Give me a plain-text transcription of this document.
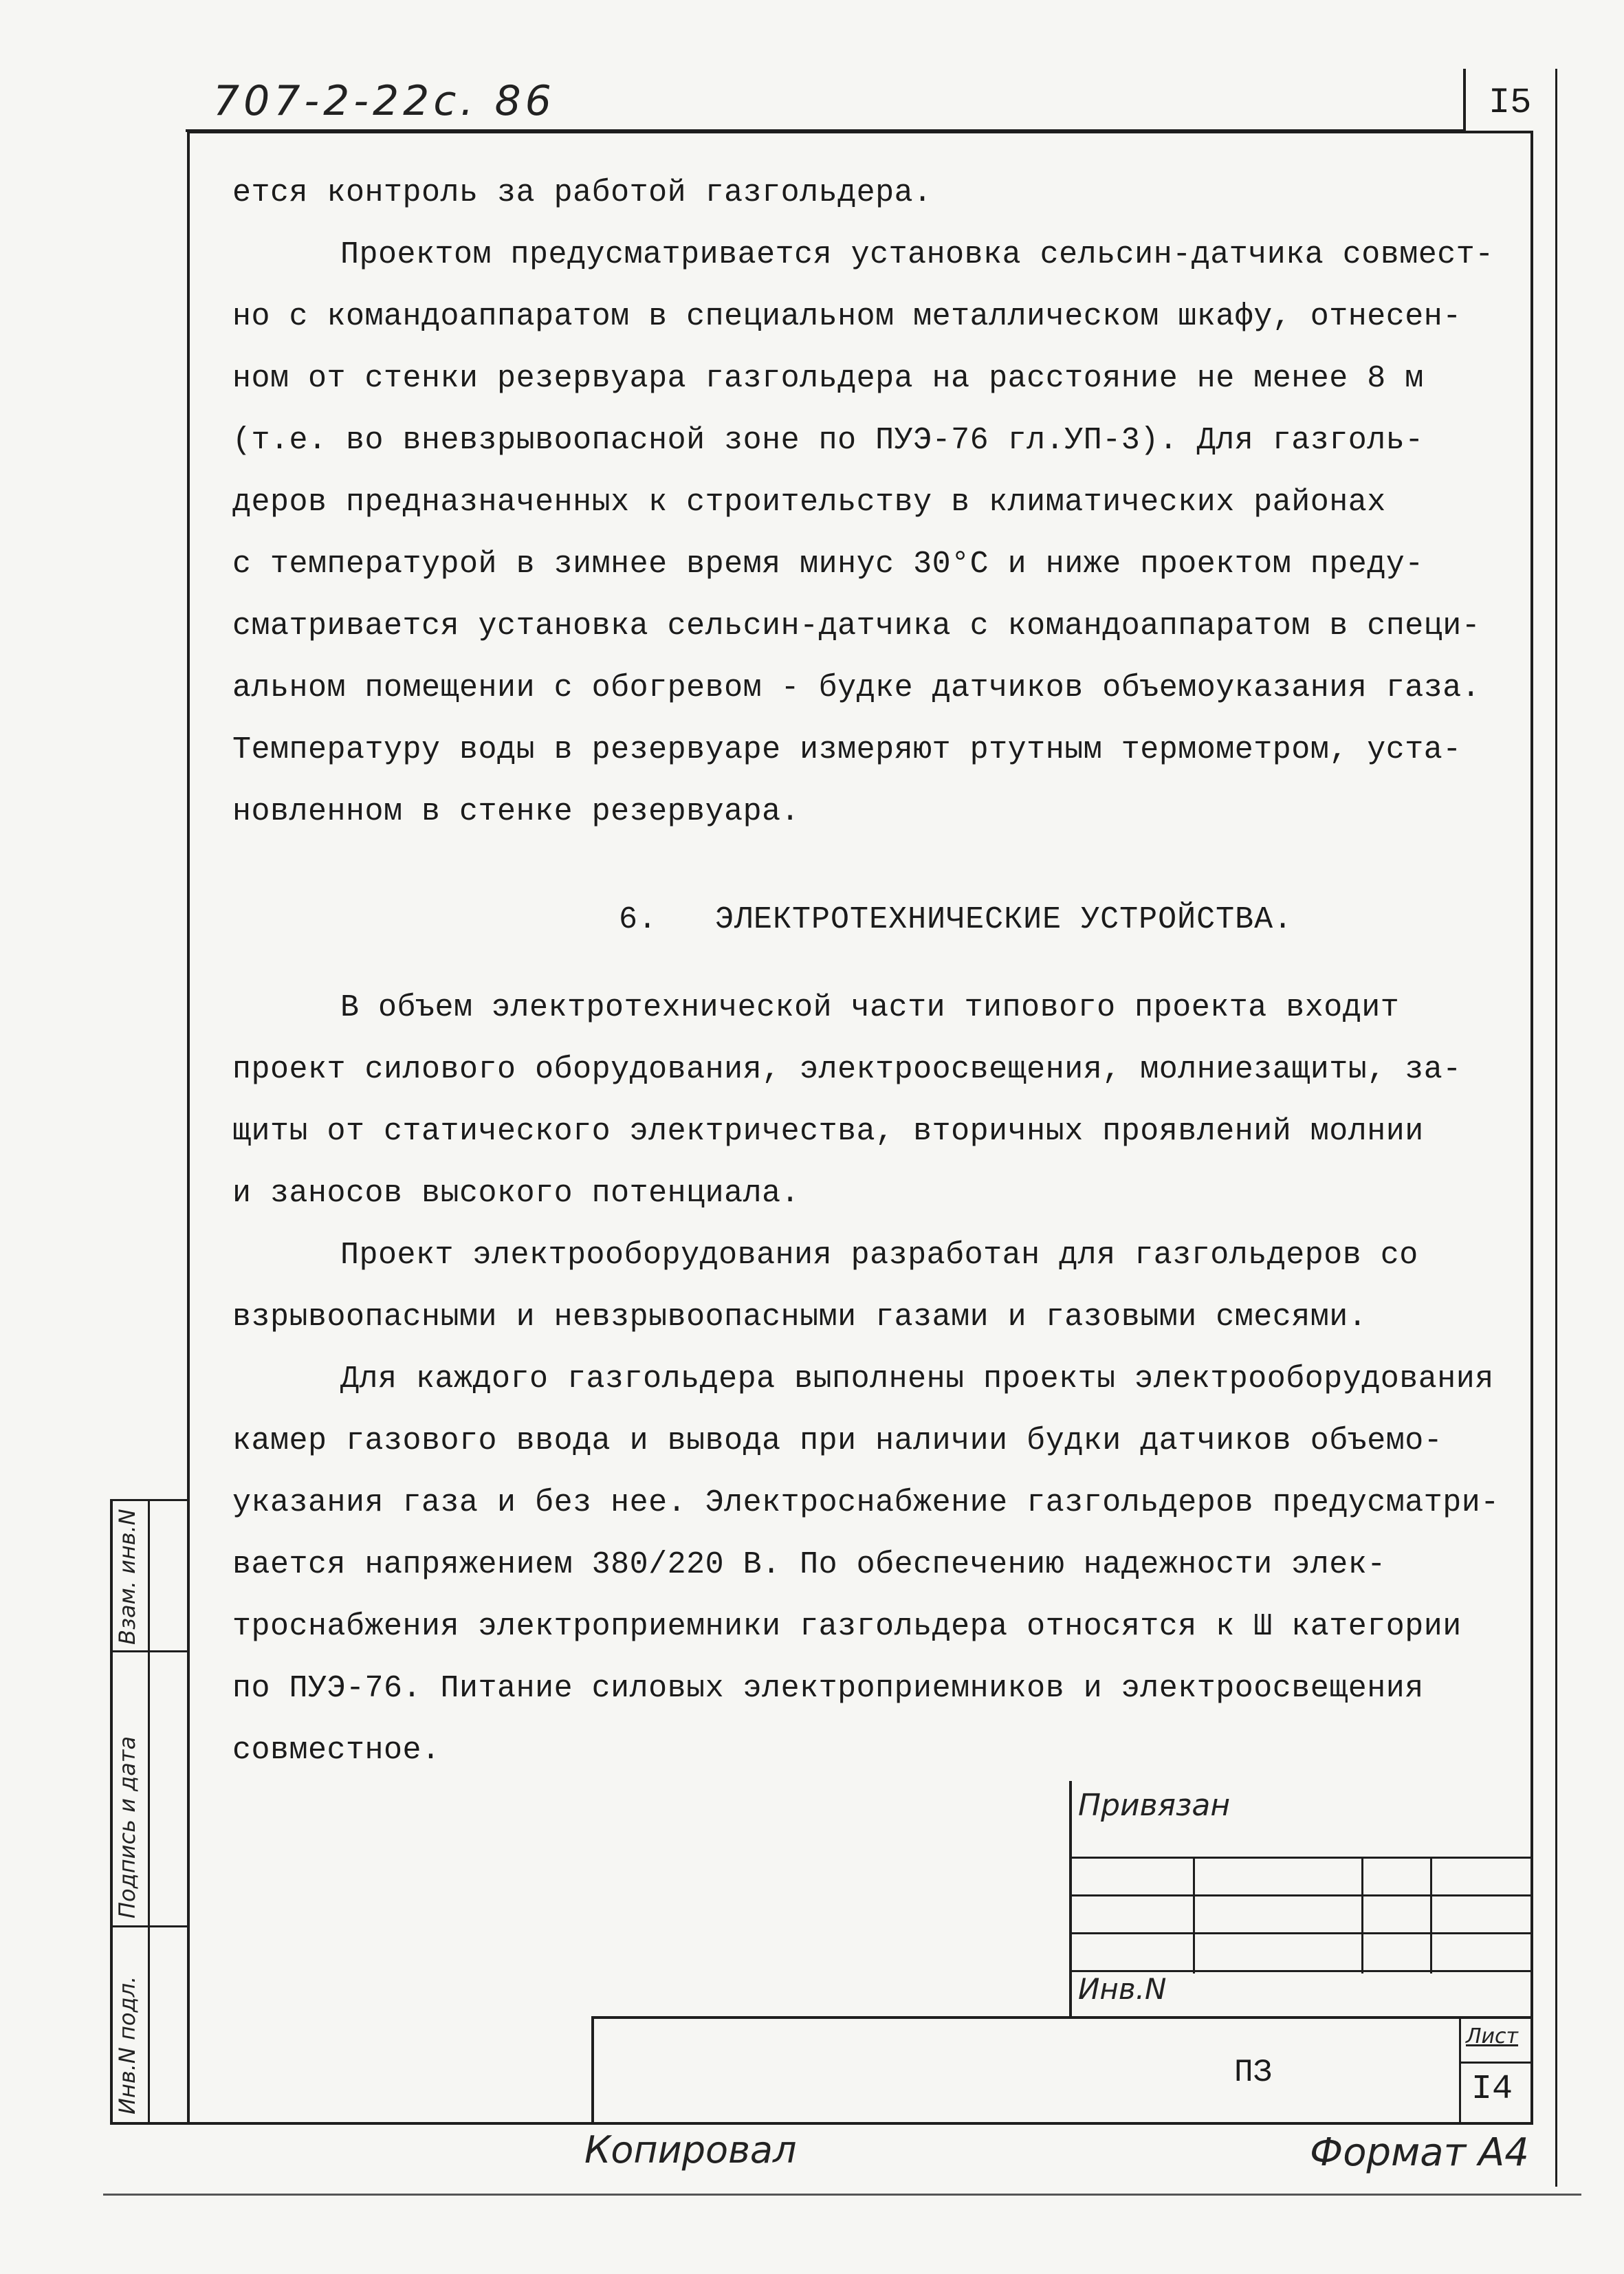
707-2-22с. 86	I5
ется контроль за работой газгольдера.
Проектом предусматривается установка сельсин-датчика совмест-
но с командоаппаратом в специальном металлическом шкафу, отнесен-
ном от стенки резервуара газгольдера на расстояние не менее 8 м
(т.е. во вневзрывоопасной зоне по ПУЭ-76 гл.УП-3). Для газголь-
деров предназначенных к строительству в климатических районах
с температурой в зимнее время минус 30°С и ниже проектом преду-
сматривается установка сельсин-датчика с командоаппаратом в специ-
альном помещении с обогревом - будке датчиков объемоуказания газа.
Температуру воды в резервуаре измеряют ртутным термометром, уста-
новленном в стенке резервуара.
6. ЭЛЕКТРОТЕХНИЧЕСКИЕ УСТРОЙСТВА.
В объем электротехнической части типового проекта входит
проект силового оборудования, электроосвещения, молниезащиты, за-
щиты от статического электричества, вторичных проявлений молнии
и заносов высокого потенциала.
Проект электрооборудования разработан для газгольдеров со
взрывоопасными и невзрывоопасными газами и газовыми смесями.
Для каждого газгольдера выполнены проекты электрооборудования
камер газового ввода и вывода при наличии будки датчиков объемо-
указания газа и без нее. Электроснабжение газгольдеров предусматри-
вается напряжением 380/220 В. По обеспечению надежности элек-
троснабжения электроприемники газгольдера относятся к Ш категории
по ПУЭ-76. Питание силовых электроприемников и электроосвещения
совместное.
Инв.N подл.
Подпись и дата
Взам. инв.N
Привязан
Инв.N
ПЗ
Лист
I4
Копировал	Формат А4
